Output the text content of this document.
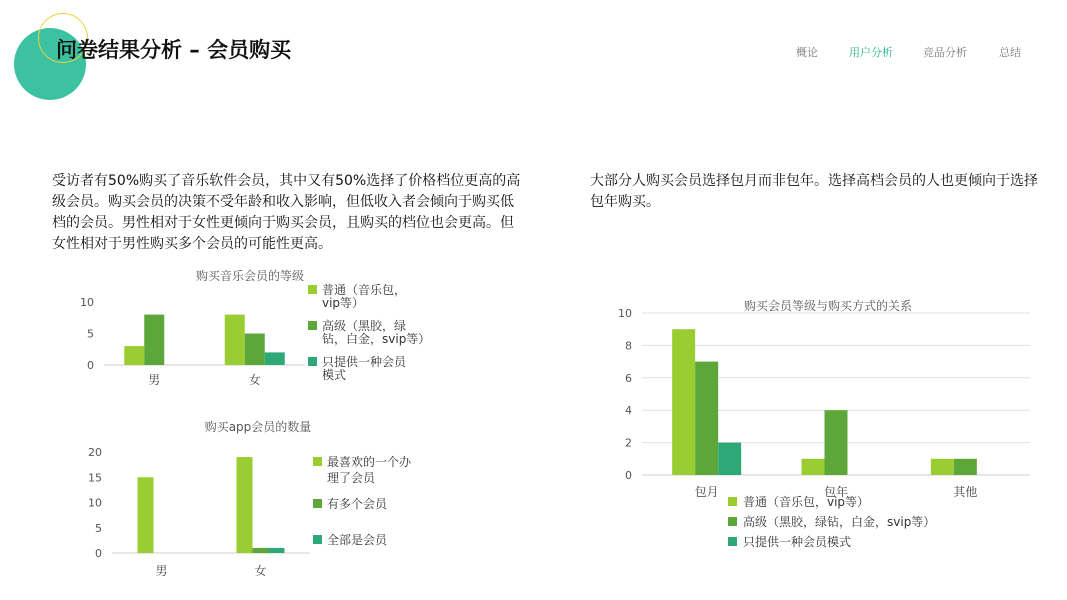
问卷结果分析 – 会员购买	概论	用户分析	竞品分析	总结
受访者有50%购买了音乐软件会员，其中又有50%选择了价格档位更高的高级会员。购买会员的决策不受年龄和收入影响，但低收入者会倾向于购买低档的会员。男性相对于女性更倾向于购买会员，且购买的档位也会更高。但女性相对于男性购买多个会员的可能性更高。
大部分人购买会员选择包月而非包年。选择高档会员的人也更倾向于选择包年购买。
购买音乐会员的等级
0
5
10
男	女
普通（音乐包， vip等）
高级（黑胶，绿钻，白金，svip等）
只提供一种会员模式
购买app会员的数量
0
5
10
15
20
男	女
最喜欢的一个办理了会员
有多个会员
全部是会员
购买会员等级与购买方式的关系
0
2
4
6
8
10
包月	包年	其他
普通（音乐包，vip等）
高级（黑胶，绿钻，白金，svip等）
只提供一种会员模式
